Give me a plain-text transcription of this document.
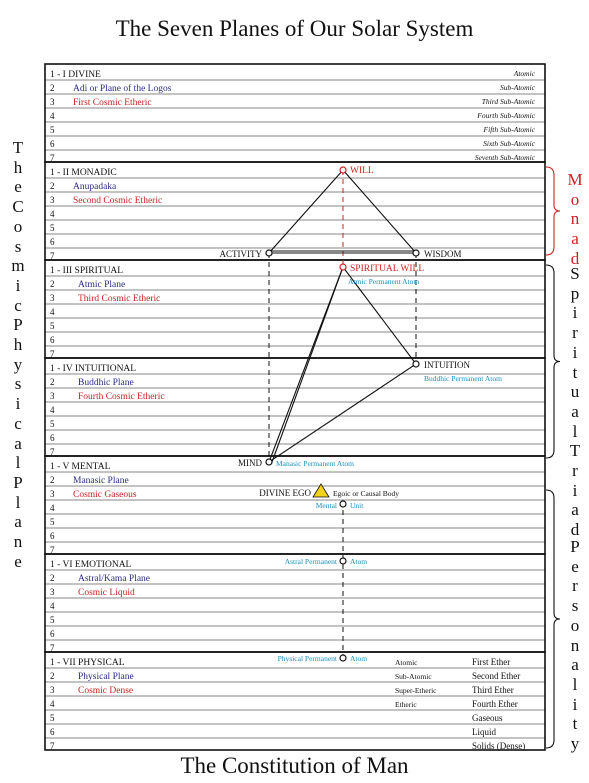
The Seven Planes of Our Solar System
1 - I DIVINE
2 Adi or Plane of the Logos
3 First Cosmic Etheric
4
5
6
7
Atomic
Sub-Atomic
Third Sub-Atomic
Fourth Sub-Atomic
Fifth Sub-Atomic
Sixth Sub-Atomic
Seventh Sub-Atomic
1 - II MONADIC
2 Anupadaka
3 Second Cosmic Etheric
4
5
6
7
1 - III SPIRITUAL
2 Atmic Plane
3 Third Cosmic Etheric
4
5
6
7
1 - IV INTUITIONAL
2 Buddhic Plane
3 Fourth Cosmic Etheric
4
5
6
7
1 - V MENTAL
2 Manasic Plane
3 Cosmic Gaseous
4
5
6
7
1 - VI EMOTIONAL
2 Astral/Kama Plane
3 Cosmic Liquid
4
5
6
7
1 - VII PHYSICAL
2 Physical Plane
3 Cosmic Dense
4
5
6
7
Atomic
Sub-Atomic
Super-Etheric
Etheric
First Ether
Second Ether
Third Ether
Fourth Ether
Gaseous
Liquid
Solids (Dense)
WILL
ACTIVITY	WISDOM
SPIRITUAL WILL
Atmic Permanent Atom
INTUITION
Buddhic Permanent Atom
MIND Manasic Permanent Atom
DIVINE EGO	Egoic or Causal Body
Mental Unit
Astral Permanent Atom
Physical Permanent Atom
T
h
e
C
o
s
m
i
c
P
h
y
s
i
c
a
l
P
l
a
n
e
M
o
n
a
d
S
p
i
r
i
t
u
a
l
T
r
i
a
d
P
e
r
s
o
n
a
l
i
t
y
The Constitution of Man
